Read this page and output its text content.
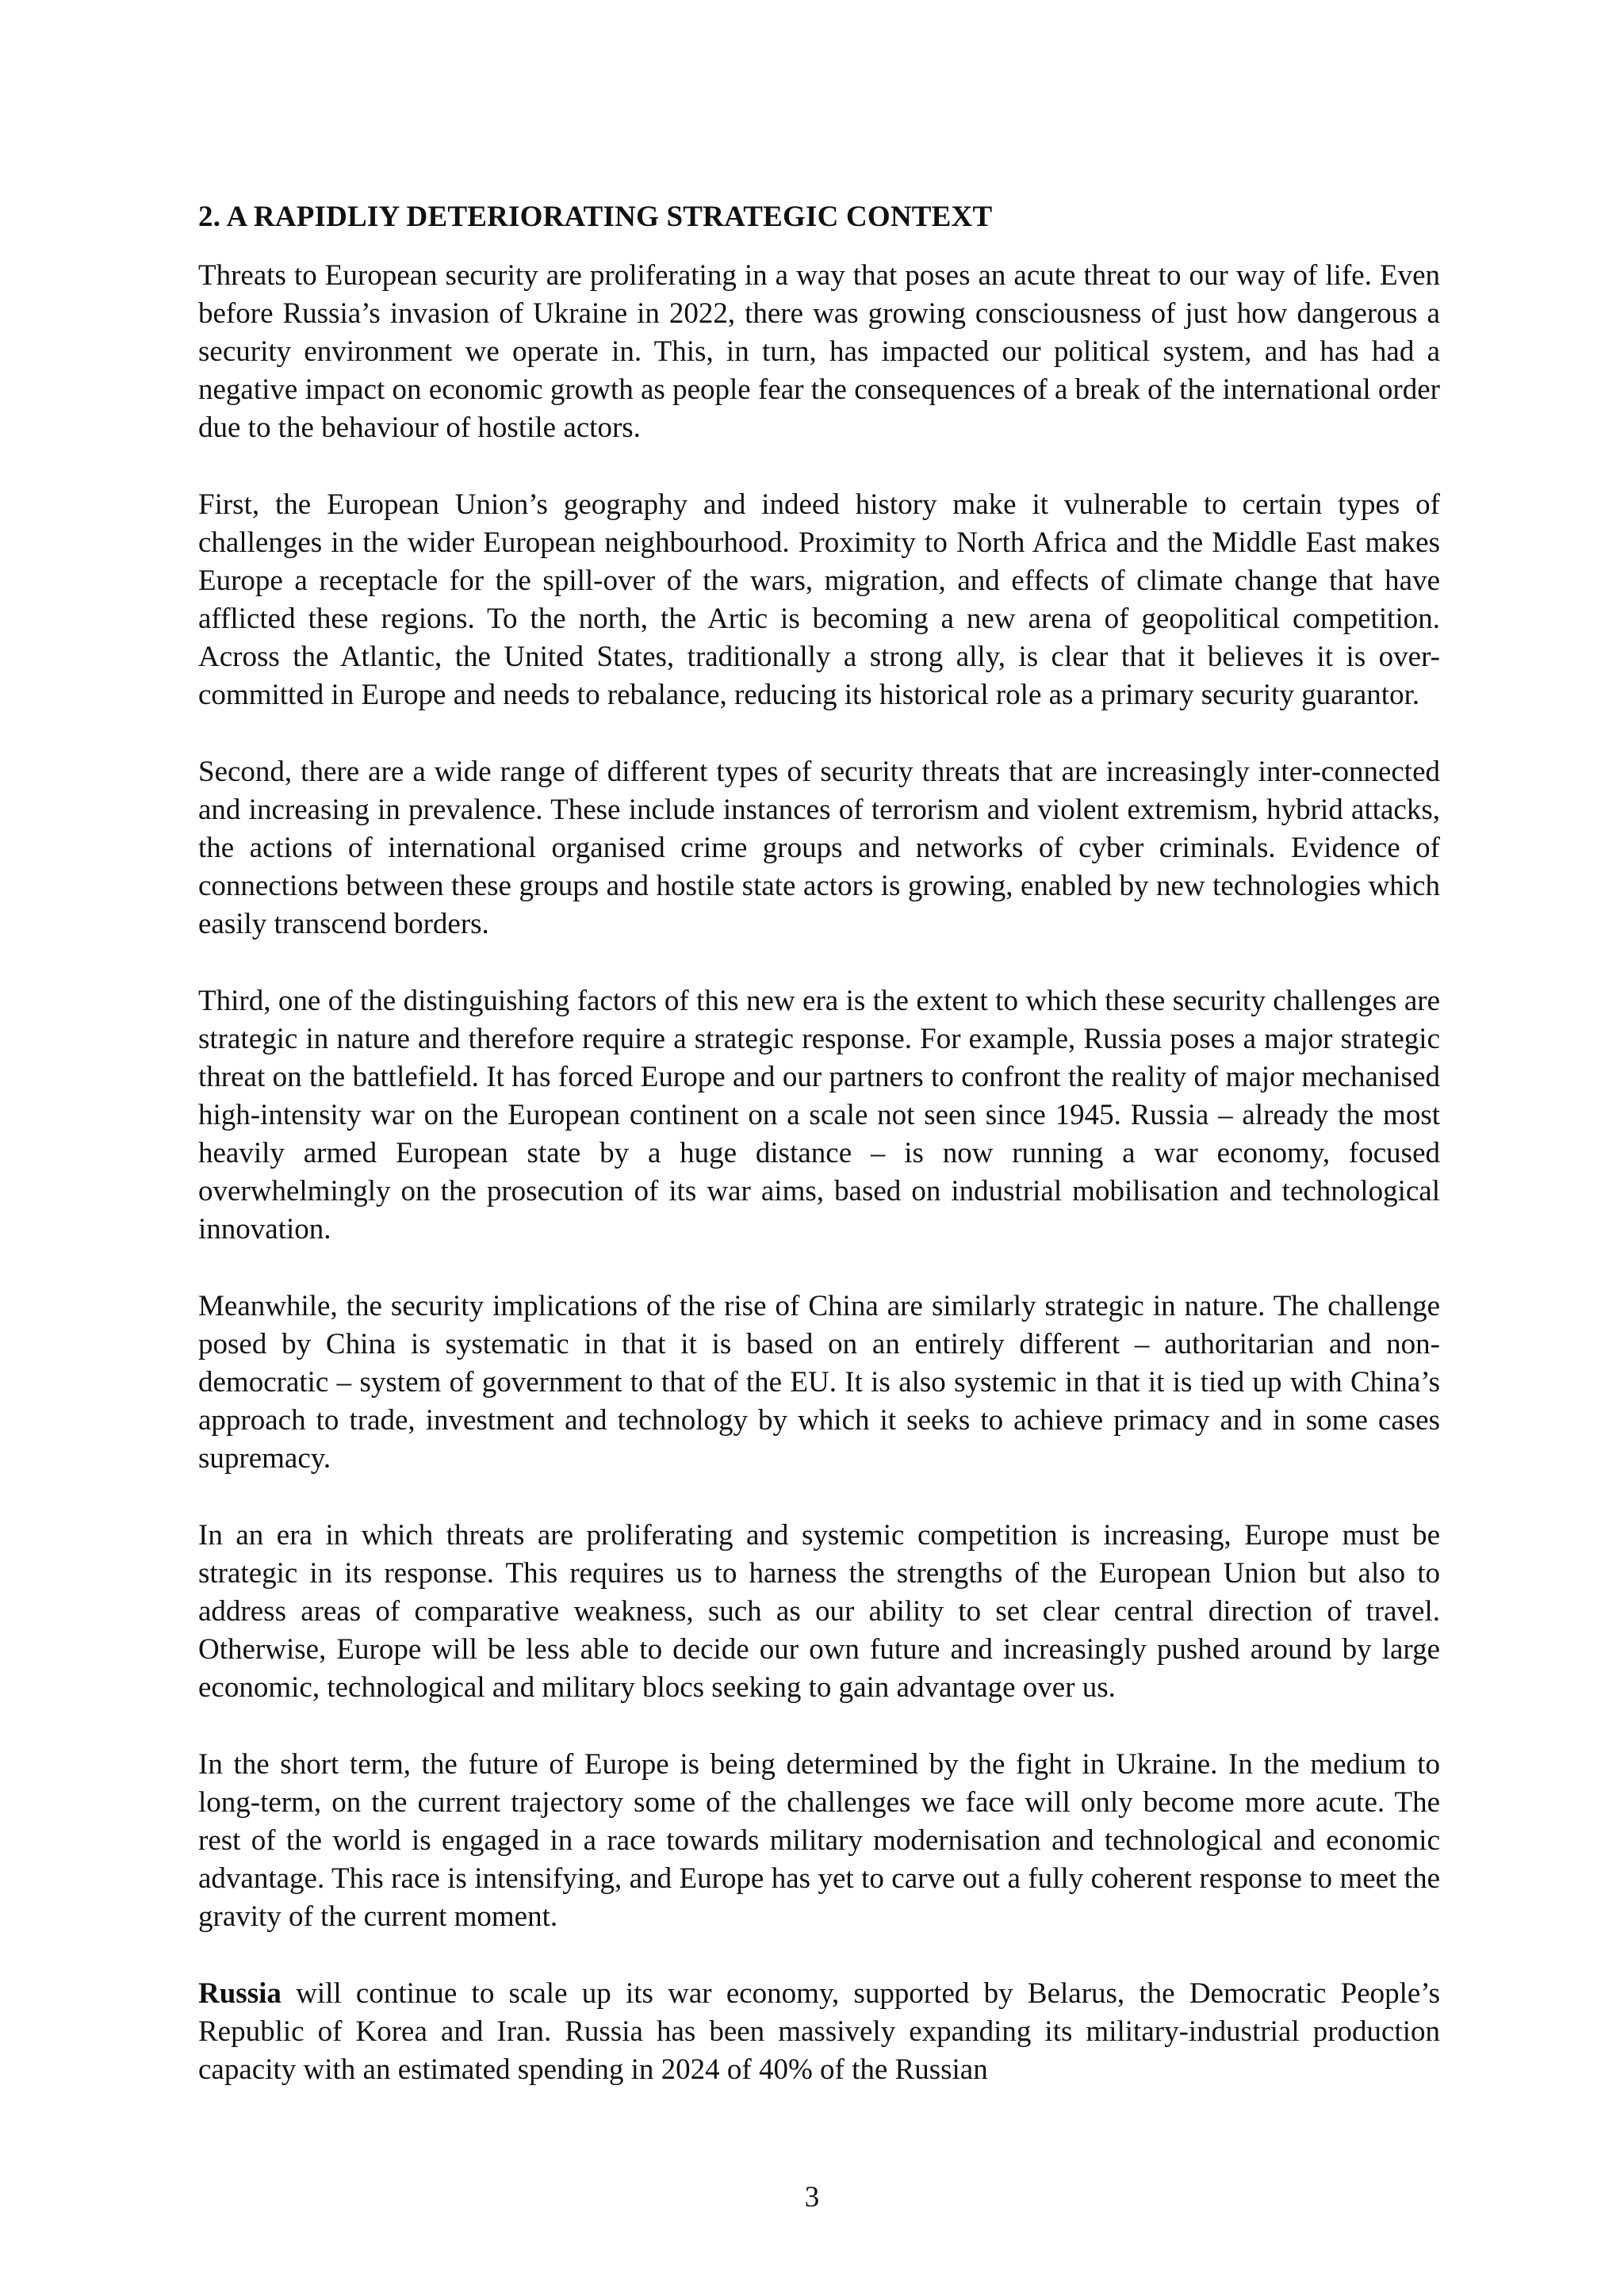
2. A RAPIDLIY DETERIORATING STRATEGIC CONTEXT

Threats to European security are proliferating in a way that poses an acute threat to our way of life. Even before Russia’s invasion of Ukraine in 2022, there was growing consciousness of just how dangerous a security environment we operate in. This, in turn, has impacted our political system, and has had a negative impact on economic growth as people fear the consequences of a break of the international order due to the behaviour of hostile actors.

First, the European Union’s geography and indeed history make it vulnerable to certain types of challenges in the wider European neighbourhood. Proximity to North Africa and the Middle East makes Europe a receptacle for the spill-over of the wars, migration, and effects of climate change that have afflicted these regions. To the north, the Artic is becoming a new arena of geopolitical competition. Across the Atlantic, the United States, traditionally a strong ally, is clear that it believes it is over-committed in Europe and needs to rebalance, reducing its historical role as a primary security guarantor.

Second, there are a wide range of different types of security threats that are increasingly inter-connected and increasing in prevalence. These include instances of terrorism and violent extremism, hybrid attacks, the actions of international organised crime groups and networks of cyber criminals. Evidence of connections between these groups and hostile state actors is growing, enabled by new technologies which easily transcend borders.

Third, one of the distinguishing factors of this new era is the extent to which these security challenges are strategic in nature and therefore require a strategic response. For example, Russia poses a major strategic threat on the battlefield. It has forced Europe and our partners to confront the reality of major mechanised high-intensity war on the European continent on a scale not seen since 1945. Russia – already the most heavily armed European state by a huge distance – is now running a war economy, focused overwhelmingly on the prosecution of its war aims, based on industrial mobilisation and technological innovation.

Meanwhile, the security implications of the rise of China are similarly strategic in nature. The challenge posed by China is systematic in that it is based on an entirely different – authoritarian and non-democratic – system of government to that of the EU. It is also systemic in that it is tied up with China’s approach to trade, investment and technology by which it seeks to achieve primacy and in some cases supremacy.

In an era in which threats are proliferating and systemic competition is increasing, Europe must be strategic in its response. This requires us to harness the strengths of the European Union but also to address areas of comparative weakness, such as our ability to set clear central direction of travel. Otherwise, Europe will be less able to decide our own future and increasingly pushed around by large economic, technological and military blocs seeking to gain advantage over us.

In the short term, the future of Europe is being determined by the fight in Ukraine. In the medium to long-term, on the current trajectory some of the challenges we face will only become more acute. The rest of the world is engaged in a race towards military modernisation and technological and economic advantage. This race is intensifying, and Europe has yet to carve out a fully coherent response to meet the gravity of the current moment.

Russia will continue to scale up its war economy, supported by Belarus, the Democratic People’s Republic of Korea and Iran. Russia has been massively expanding its military-industrial production capacity with an estimated spending in 2024 of 40% of the Russian

3
